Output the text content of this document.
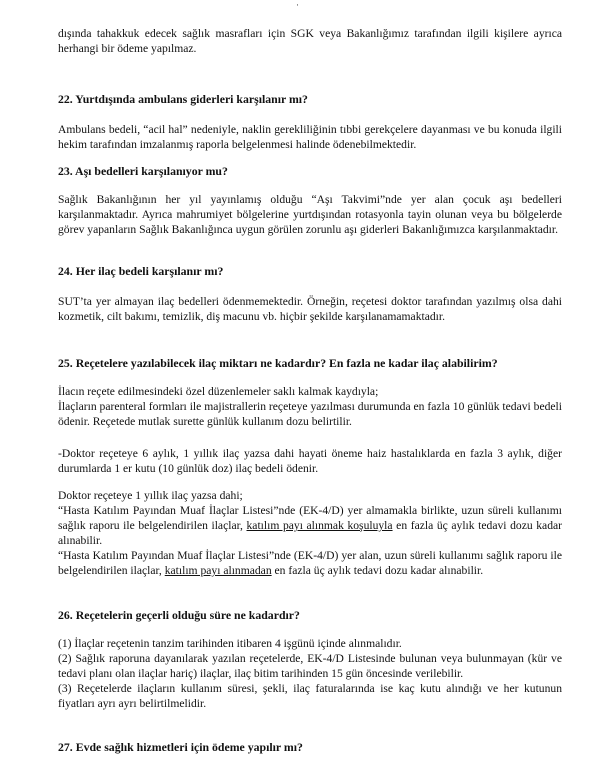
·

dışında tahakkuk edecek sağlık masrafları için SGK veya Bakanlığımız tarafından ilgili kişilere ayrıca herhangi bir ödeme yapılmaz.

22. Yurtdışında ambulans giderleri karşılanır mı?

Ambulans bedeli, “acil hal” nedeniyle, naklin gerekliliğinin tıbbi gerekçelere dayanması ve bu konuda ilgili hekim tarafından imzalanmış raporla belgelenmesi halinde ödenebilmektedir.

23. Aşı bedelleri karşılanıyor mu?

Sağlık Bakanlığının her yıl yayınlamış olduğu “Aşı Takvimi”nde yer alan çocuk aşı bedelleri karşılanmaktadır. Ayrıca mahrumiyet bölgelerine yurtdışından rotasyonla tayin olunan veya bu bölgelerde görev yapanların Sağlık Bakanlığınca uygun görülen zorunlu aşı giderleri Bakanlığımızca karşılanmaktadır.

24. Her ilaç bedeli karşılanır mı?

SUT’ta yer almayan ilaç bedelleri ödenmemektedir. Örneğin, reçetesi doktor tarafından yazılmış olsa dahi kozmetik, cilt bakımı, temizlik, diş macunu vb. hiçbir şekilde karşılanamamaktadır.

25. Reçetelere yazılabilecek ilaç miktarı ne kadardır? En fazla ne kadar ilaç alabilirim?

İlacın reçete edilmesindeki özel düzenlemeler saklı kalmak kaydıyla;

İlaçların parenteral formları ile majistrallerin reçeteye yazılması durumunda en fazla 10 günlük tedavi bedeli ödenir. Reçetede mutlak surette günlük kullanım dozu belirtilir.

-Doktor reçeteye 6 aylık, 1 yıllık ilaç yazsa dahi hayati öneme haiz hastalıklarda en fazla 3 aylık, diğer durumlarda 1 er kutu (10 günlük doz) ilaç bedeli ödenir.

Doktor reçeteye 1 yıllık ilaç yazsa dahi;

“Hasta Katılım Payından Muaf İlaçlar Listesi”nde (EK-4/D) yer almamakla birlikte, uzun süreli kullanımı sağlık raporu ile belgelendirilen ilaçlar, katılım payı alınmak koşuluyla en fazla üç aylık tedavi dozu kadar alınabilir.

“Hasta Katılım Payından Muaf İlaçlar Listesi”nde (EK-4/D) yer alan, uzun süreli kullanımı sağlık raporu ile belgelendirilen ilaçlar, katılım payı alınmadan en fazla üç aylık tedavi dozu kadar alınabilir.

26. Reçetelerin geçerli olduğu süre ne kadardır?

(1) İlaçlar reçetenin tanzim tarihinden itibaren 4 işgünü içinde alınmalıdır.

(2) Sağlık raporuna dayanılarak yazılan reçetelerde, EK-4/D Listesinde bulunan veya bulunmayan (kür ve tedavi planı olan ilaçlar hariç) ilaçlar, ilaç bitim tarihinden 15 gün öncesinde verilebilir.

(3) Reçetelerde ilaçların kullanım süresi, şekli, ilaç faturalarında ise kaç kutu alındığı ve her kutunun fiyatları ayrı ayrı belirtilmelidir.

27. Evde sağlık hizmetleri için ödeme yapılır mı?
